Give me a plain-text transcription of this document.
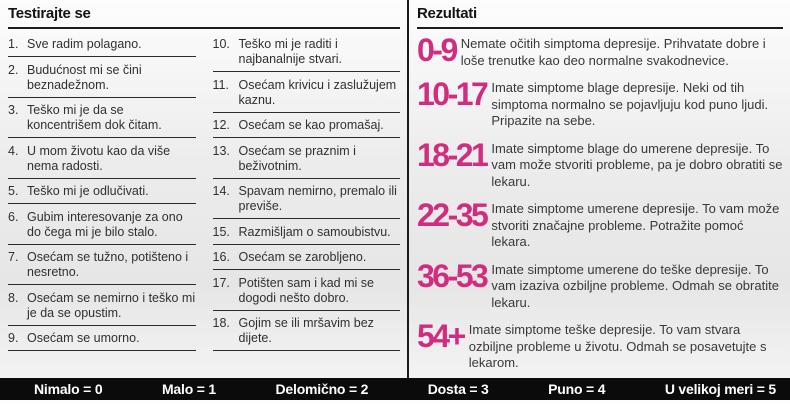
Testirajte se
1. Sve radim polagano.
2. Budućnost mi se čini beznadežnom.
3. Teško mi je da se koncentrišem dok čitam.
4. U mom životu kao da više nema radosti.
5. Teško mi je odlučivati.
6. Gubim interesovanje za ono do čega mi je bilo stalo.
7. Osećam se tužno, potišteno i nesretno.
8. Osećam se nemirno i teško mi je da se opustim.
9. Osećam se umorno.
10. Teško mi je raditi i najbanalnije stvari.
11. Osećam krivicu i zaslužujem kaznu.
12. Osećam se kao promašaj.
13. Osećam se praznim i beživotnim.
14. Spavam nemirno, premalo ili previše.
15. Razmišljam o samoubistvu.
16. Osećam se zarobljeno.
17. Potišten sam i kad mi se dogodi nešto dobro.
18. Gojim se ili mršavim bez dijete.
Rezultati
0-9 Nemate očitih simptoma depresije. Prihvatate dobre i loše trenutke kao deo normalne svakodnevice.
10-17 Imate simptome blage depresije. Neki od tih simptoma normalno se pojavljuju kod puno ljudi. Pripazite na sebe.
18-21 Imate simptome blage do umerene depresije. To vam može stvoriti probleme, pa je dobro obratiti se lekaru.
22-35 Imate simptome umerene depresije. To vam može stvoriti značajne probleme. Potražite pomoć lekara.
36-53 Imate simptome umerene do teške depresije. To vam izaziva ozbiljne probleme. Odmah se obratite lekaru.
54+ Imate simptome teške depresije. To vam stvara ozbiljne probleme u životu. Odmah se posavetujte s lekarom.
Nimalo = 0	Malo = 1	Delomično = 2	Dosta = 3	Puno = 4	U velikoj meri = 5
